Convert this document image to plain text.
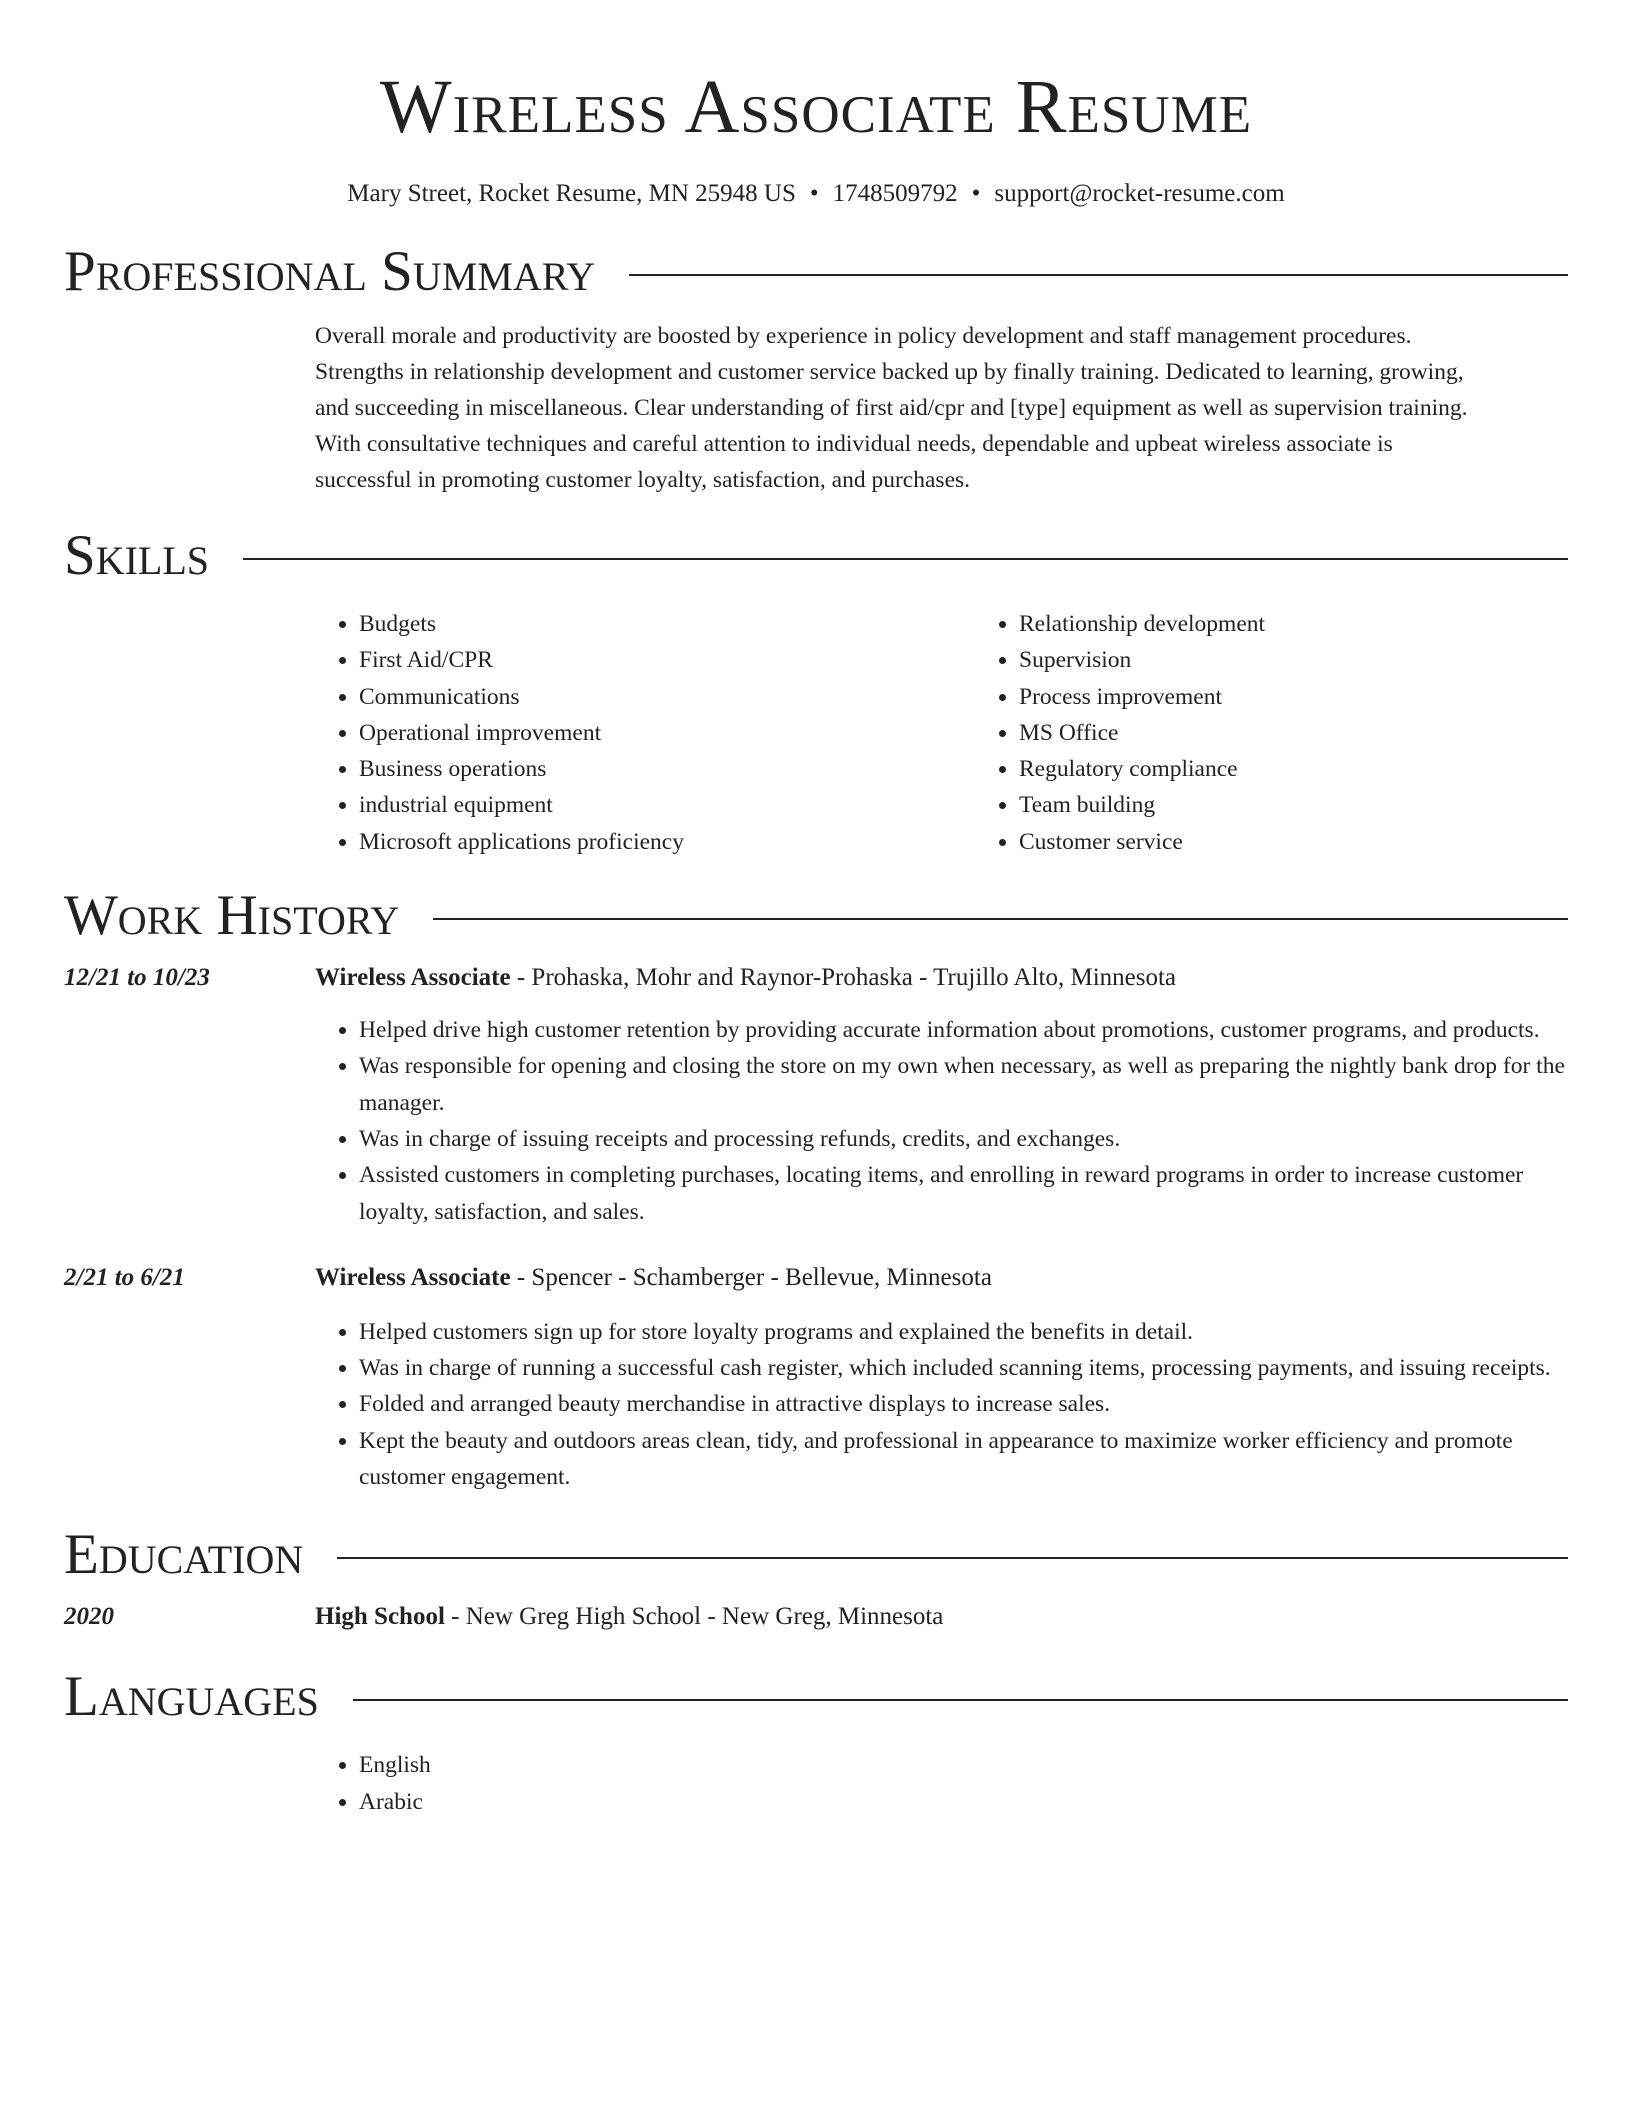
Wireless Associate Resume
Mary Street, Rocket Resume, MN 25948 US • 1748509792 • support@rocket-resume.com
Professional Summary
Overall morale and productivity are boosted by experience in policy development and staff management procedures.
Strengths in relationship development and customer service backed up by finally training. Dedicated to learning, growing,
and succeeding in miscellaneous. Clear understanding of first aid/cpr and [type] equipment as well as supervision training.
With consultative techniques and careful attention to individual needs, dependable and upbeat wireless associate is
successful in promoting customer loyalty, satisfaction, and purchases.
Skills
• Budgets
• First Aid/CPR
• Communications
• Operational improvement
• Business operations
• industrial equipment
• Microsoft applications proficiency
• Relationship development
• Supervision
• Process improvement
• MS Office
• Regulatory compliance
• Team building
• Customer service
Work History
12/21 to 10/23	Wireless Associate - Prohaska, Mohr and Raynor-Prohaska - Trujillo Alto, Minnesota
• Helped drive high customer retention by providing accurate information about promotions, customer programs, and products.
• Was responsible for opening and closing the store on my own when necessary, as well as preparing the nightly bank drop for the manager.
• Was in charge of issuing receipts and processing refunds, credits, and exchanges.
• Assisted customers in completing purchases, locating items, and enrolling in reward programs in order to increase customer loyalty, satisfaction, and sales.
2/21 to 6/21	Wireless Associate - Spencer - Schamberger - Bellevue, Minnesota
• Helped customers sign up for store loyalty programs and explained the benefits in detail.
• Was in charge of running a successful cash register, which included scanning items, processing payments, and issuing receipts.
• Folded and arranged beauty merchandise in attractive displays to increase sales.
• Kept the beauty and outdoors areas clean, tidy, and professional in appearance to maximize worker efficiency and promote customer engagement.
Education
2020	High School - New Greg High School - New Greg, Minnesota
Languages
• English
• Arabic
